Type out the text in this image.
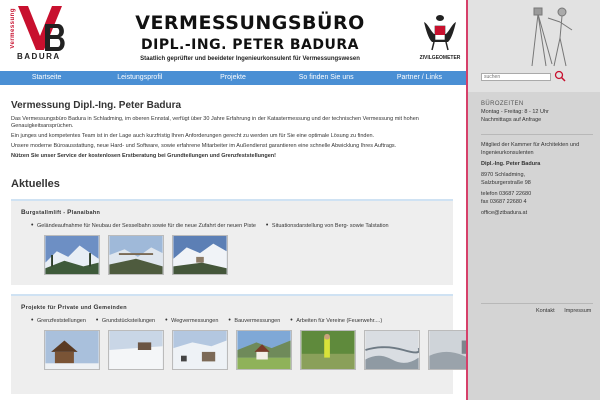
Vermessung
BADURA
VERMESSUNGSBÜRO
DIPL.-ING. PETER BADURA
Staatlich geprüfter und beeideter Ingenieurkonsulent für Vermessungswesen	ZIVILGEOMETER
Startseite	Leistungsprofil	Projekte	So finden Sie uns	Partner / Links
Vermessung Dipl.-Ing. Peter Badura

Das Vermessungsbüro Badura in Schladming, im oberen Ennstal, verfügt über 30 Jahre Erfahrung in der Katastermessung und der technischen Vermessung mit hohen Genauigkeitsansprüchen.

Ein junges und kompetentes Team ist in der Lage auch kurzfristig Ihren Anforderungen gerecht zu werden um für Sie eine optimale Lösung zu finden.

Unsere moderne Büroausstattung, neue Hard- und Software, sowie erfahrene Mitarbeiter im Außendienst garantieren eine schnelle Abwicklung Ihres Auftrags.

Nützen Sie unser Service der kostenlosen Erstberatung bei Grundteilungen und Grenzfeststellungen!

Aktuelles
Burgstallmlift - Planaibahn
• Geländeaufnahme für Neubau der Sesselbahn sowie für die neue Zufahrt der neuen Piste	• Situationsdarstellung von Berg- sowie Talstation
Projekte für Private und Gemeinden
• Grenzfeststellungen	• Grundstücksteilungen	• Wegvermessungen	• Bauvermessungen	• Arbeiten für Vereine (Feuerwehr....)
suchen
BÜROZEITEN
Montag - Freitag: 8 - 12 Uhr
Nachmittags auf Anfrage
Mitglied der Kammer für Architekten und
Ingenieurkonsulenten
Dipl.-Ing. Peter Badura
8970 Schladming,
Salzburgerstraße 98
telefon 03687 22680
fax 03687 22680 4
office@ztbadura.at
Kontakt Impressum
